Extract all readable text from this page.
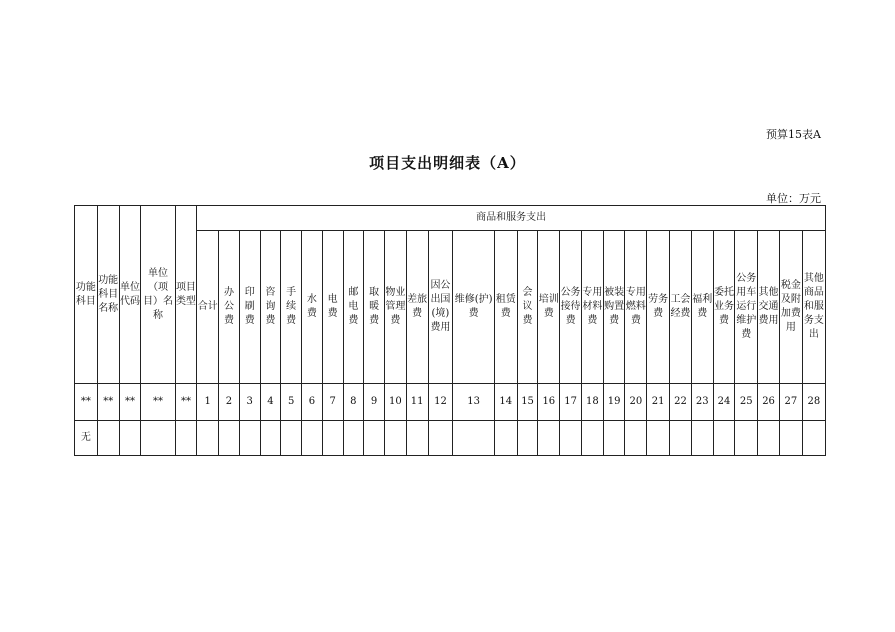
预算15表A
项目支出明细表（A）
单位：万元
功能科目	功能科目名称	单位代码	单位（项目）名称	项目类型	商品和服务支出																											
					合计	办公费	印刷费	咨询费	手续费	水费	电费	邮电费	取暖费	物业管理费	差旅费	因公出国(境)费用	维修(护)费	租赁费	会议费	培训费	公务接待费	专用材料费	被装购置费	专用燃料费	劳务费	工会经费	福利费	委托业务费	公务用车运行维护费	其他交通费用	税金及附加费用	其他商品和服务支出
**	**	**	**	**	1	2	3	4	5	6	7	8	9	10	11	12	13	14	15	16	17	18	19	20	21	22	23	24	25	26	27	28
无																																
